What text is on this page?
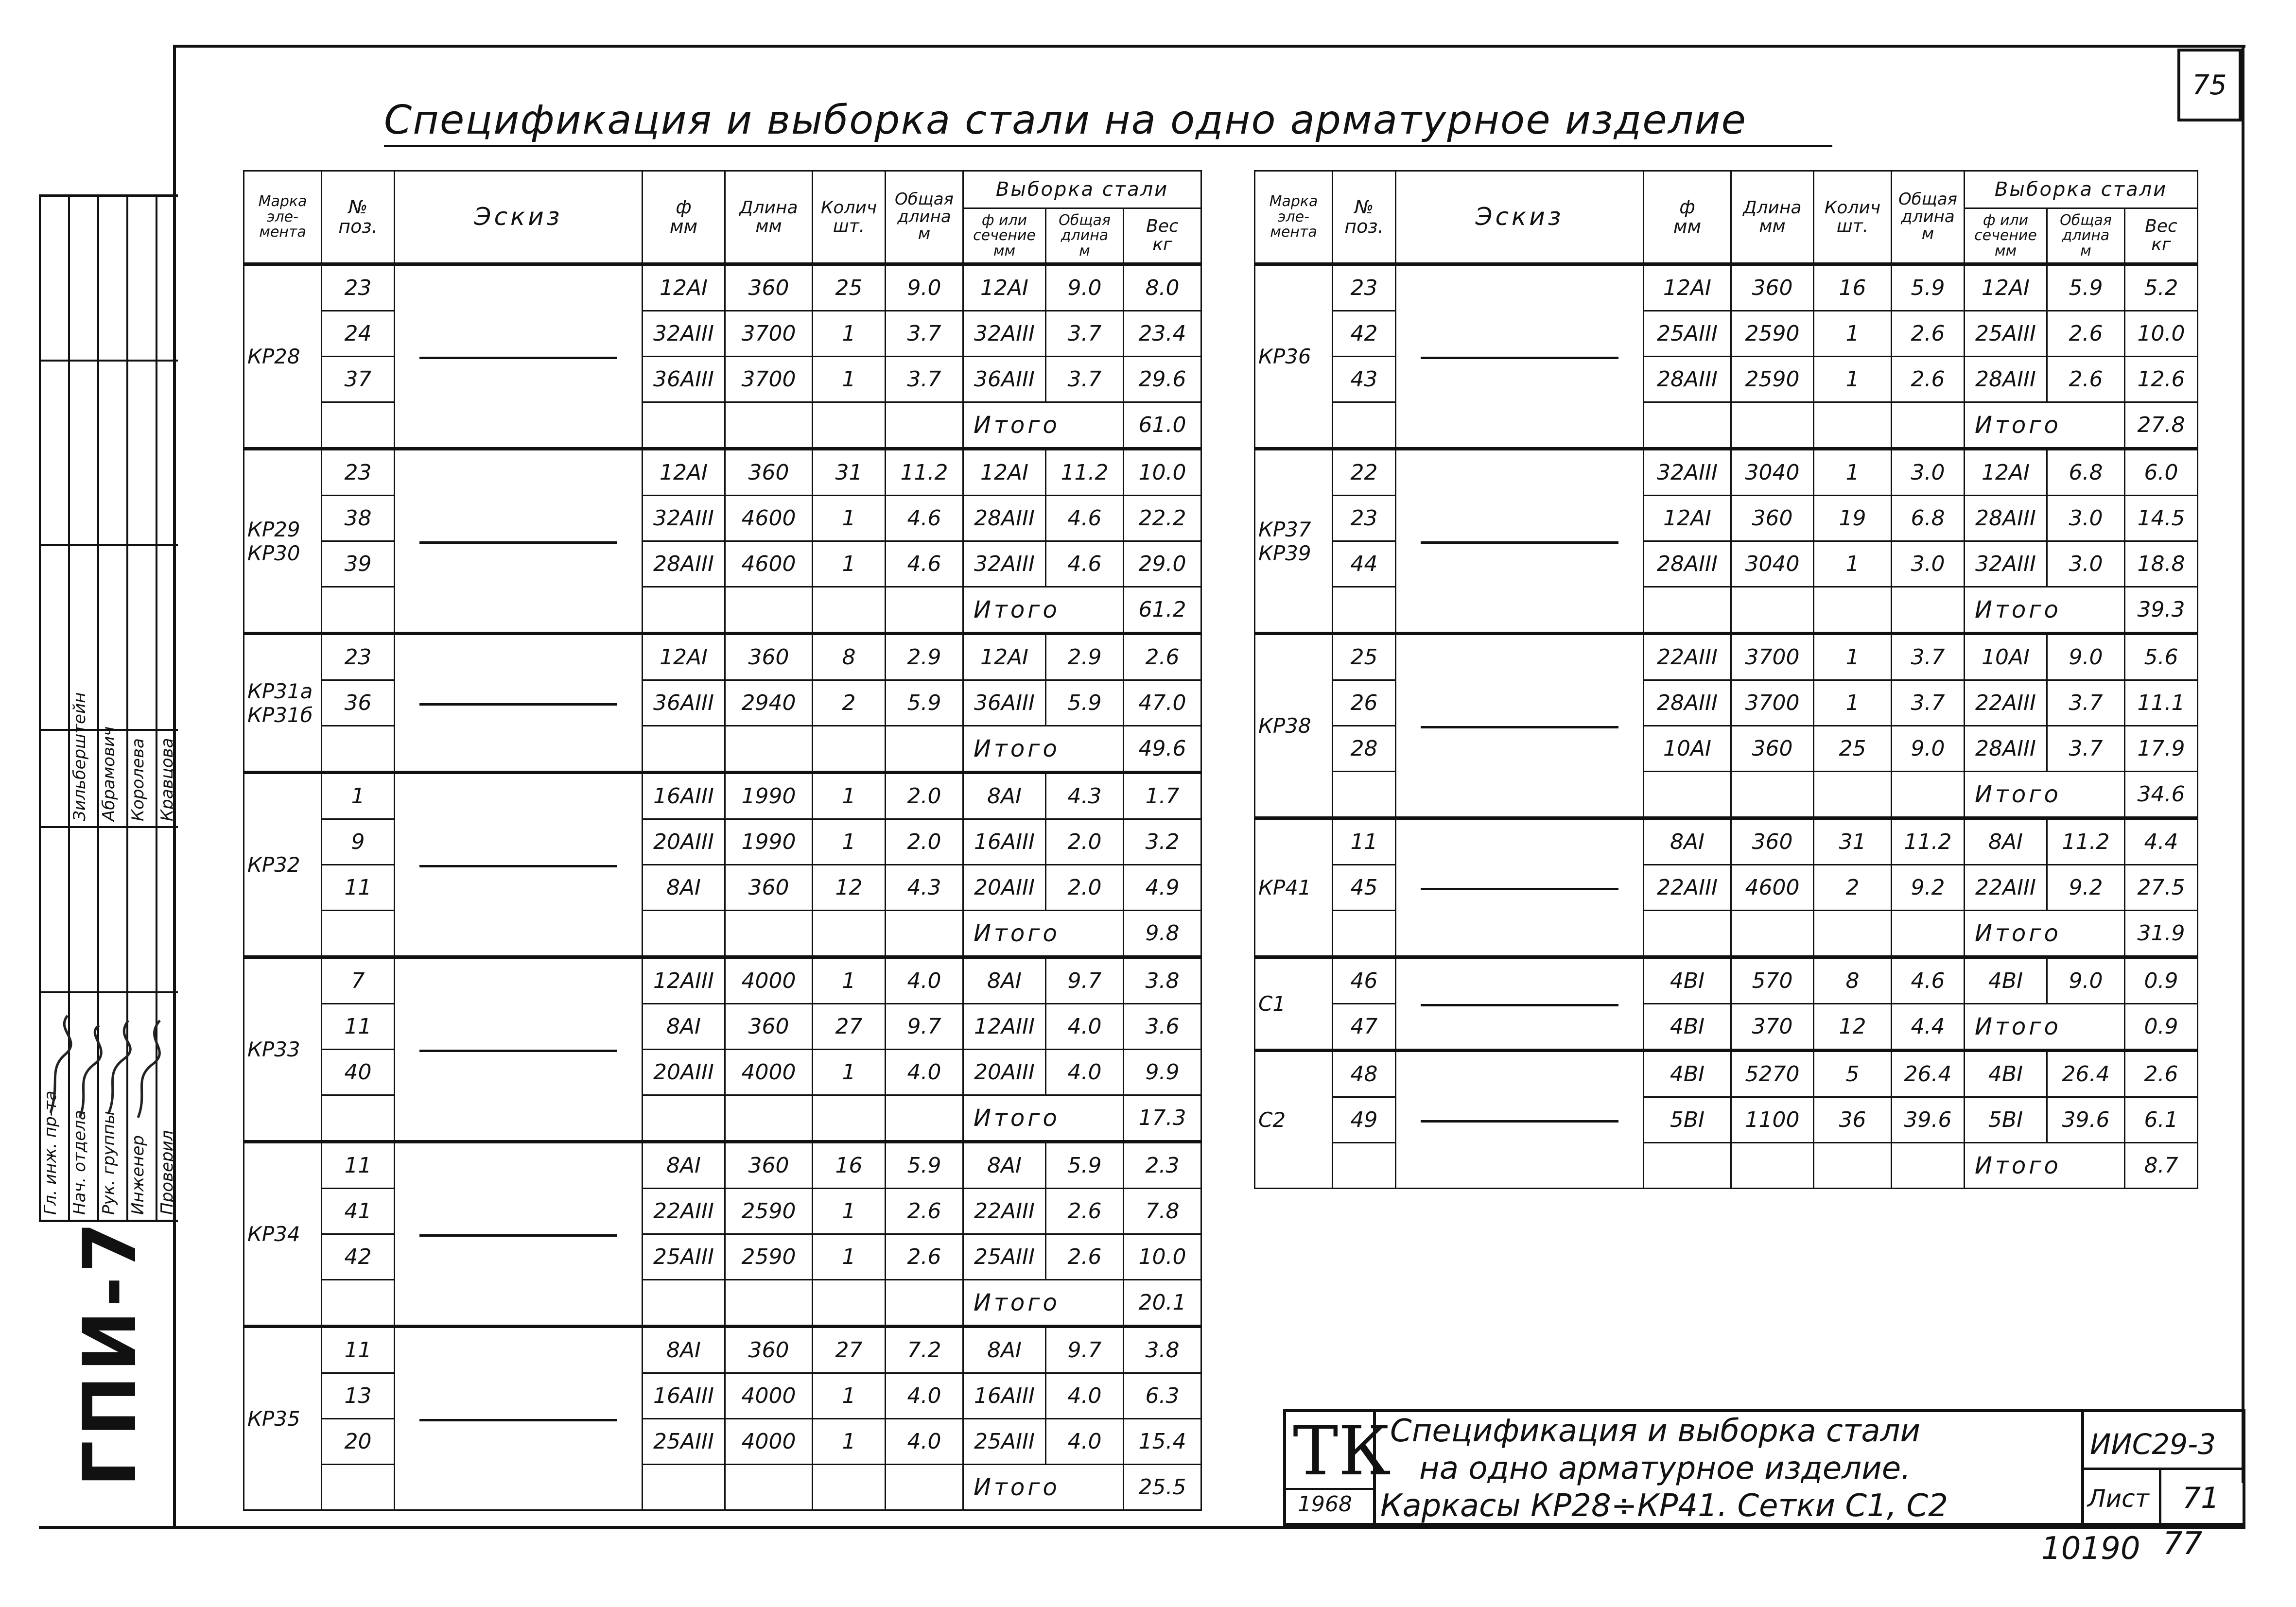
75
Спецификация и выборка стали на одно арматурное изделие
Марка
эле-
мента	№
поз.	Эскиз	ф
мм	Длина
мм	Колич
шт.	Общая
длина
м	Выборка стали		
							ф или
сечение
мм	Общая
длина
м	Вес
кг

КР28	23		12АI	360	25	9.0	12АI	9.0	8.0
	24		32АIII	3700	1	3.7	32АIII	3.7	23.4
	37		36АIII	3700	1	3.7	36АIII	3.7	29.6
							Итого		61.0

КР29
КР30	23		12АI	360	31	11.2	12АI	11.2	10.0
	38		32АIII	4600	1	4.6	28АIII	4.6	22.2
	39		28АIII	4600	1	4.6	32АIII	4.6	29.0
							Итого		61.2

КР31а
КР31б	23		12АI	360	8	2.9	12АI	2.9	2.6
	36		36АIII	2940	2	5.9	36АIII	5.9	47.0
							Итого		49.6

КР32	1		16АIII	1990	1	2.0	8АI	4.3	1.7
	9		20АIII	1990	1	2.0	16АIII	2.0	3.2
	11		8АI	360	12	4.3	20АIII	2.0	4.9
							Итого		9.8

КР33	7		12АIII	4000	1	4.0	8АI	9.7	3.8
	11		8АI	360	27	9.7	12АIII	4.0	3.6
	40		20АIII	4000	1	4.0	20АIII	4.0	9.9
							Итого		17.3

КР34	11		8АI	360	16	5.9	8АI	5.9	2.3
	41		22АIII	2590	1	2.6	22АIII	2.6	7.8
	42		25АIII	2590	1	2.6	25АIII	2.6	10.0
							Итого		20.1

КР35	11		8АI	360	27	7.2	8АI	9.7	3.8
	13		16АIII	4000	1	4.0	16АIII	4.0	6.3
	20		25АIII	4000	1	4.0	25АIII	4.0	15.4
							Итого		25.5
Марка
эле-
мента	№
поз.	Эскиз	ф
мм	Длина
мм	Колич
шт.	Общая
длина
м	Выборка стали		
							ф или
сечение
мм	Общая
длина
м	Вес
кг

КР36	23		12АI	360	16	5.9	12АI	5.9	5.2
	42		25АIII	2590	1	2.6	25АIII	2.6	10.0
	43		28АIII	2590	1	2.6	28АIII	2.6	12.6
							Итого		27.8

КР37
КР39	22		32АIII	3040	1	3.0	12АI	6.8	6.0
	23		12АI	360	19	6.8	28АIII	3.0	14.5
	44		28АIII	3040	1	3.0	32АIII	3.0	18.8
							Итого		39.3

КР38	25		22АIII	3700	1	3.7	10АI	9.0	5.6
	26		28АIII	3700	1	3.7	22АIII	3.7	11.1
	28		10АI	360	25	9.0	28АIII	3.7	17.9
							Итого		34.6

КР41	11		8АI	360	31	11.2	8АI	11.2	4.4
	45		22АIII	4600	2	9.2	22АIII	9.2	27.5
							Итого		31.9

С1	46		4ВI	570	8	4.6	4ВI	9.0	0.9
	47		4ВI	370	12	4.4	Итого		0.9

С2	48		4ВI	5270	5	26.4	4ВI	26.4	2.6
	49		5ВI	1100	36	39.6	5ВI	39.6	6.1
							Итого		8.7
Гл. инж. пр-та Нач. отдела Рук. группы Инженер Проверил
Зильберштейн Абрамович Королева Кравцова
ГПИ-7	ТК
1968
Спецификация и выборка стали
на одно арматурное изделие.
Каркасы КР28÷КР41. Сетки С1, С2
ИИС29-3
Лист 71
10190 77
